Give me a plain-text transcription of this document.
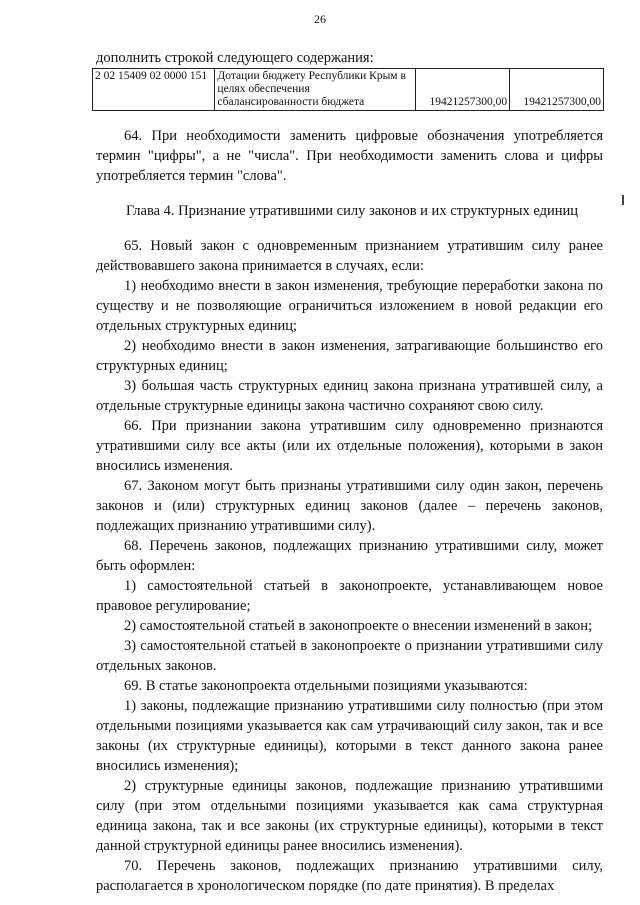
26
дополнить строкой следующего содержания:
2 02 15409 02 0000 151	Дотации бюджету Республики Крым в целях обеспечения сбалансированности бюджета	19421257300,00	19421257300,00

64. При необходимости заменить цифровые обозначения употребляется термин "цифры", а не "числа". При необходимости заменить слова и цифры употребляется термин "слова".

Глава 4. Признание утратившими силу законов и их структурных единиц

65. Новый закон с одновременным признанием утратившим силу ранее действовавшего закона принимается в случаях, если:

1) необходимо внести в закон изменения, требующие переработки закона по существу и не позволяющие ограничиться изложением в новой редакции его отдельных структурных единиц;

2) необходимо внести в закон изменения, затрагивающие большинство его структурных единиц;

3) большая часть структурных единиц закона признана утратившей силу, а отдельные структурные единицы закона частично сохраняют свою силу.

66. При признании закона утратившим силу одновременно признаются утратившими силу все акты (или их отдельные положения), которыми в закон вносились изменения.

67. Законом могут быть признаны утратившими силу один закон, перечень законов и (или) структурных единиц законов (далее – перечень законов, подлежащих признанию утратившими силу).

68. Перечень законов, подлежащих признанию утратившими силу, может быть оформлен:

1) самостоятельной статьей в законопроекте, устанавливающем новое правовое регулирование;

2) самостоятельной статьей в законопроекте о внесении изменений в закон;

3) самостоятельной статьей в законопроекте о признании утратившими силу отдельных законов.

69. В статье законопроекта отдельными позициями указываются:

1) законы, подлежащие признанию утратившими силу полностью (при этом отдельными позициями указывается как сам утрачивающий силу закон, так и все законы (их структурные единицы), которыми в текст данного закона ранее вносились изменения);

2) структурные единицы законов, подлежащие признанию утратившими силу (при этом отдельными позициями указывается как сама структурная единица закона, так и все законы (их структурные единицы), которыми в текст данной структурной единицы ранее вносились изменения).

70. Перечень законов, подлежащих признанию утратившими силу, располагается в хронологическом порядке (по дате принятия). В пределах
